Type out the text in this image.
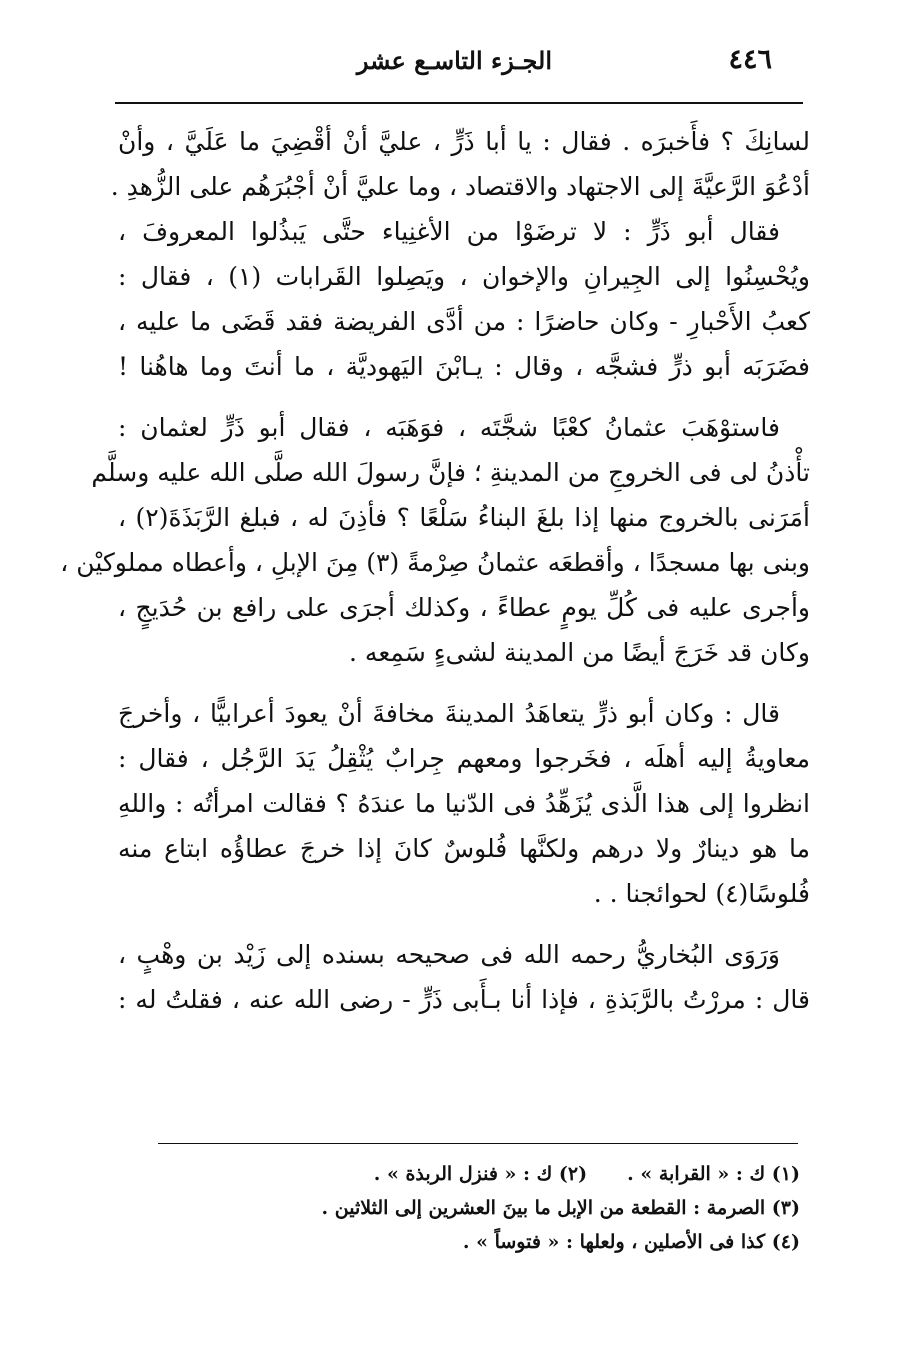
٤٤٦
الجـزء التاسـع عشر
لسانِكَ ؟ فأَخبرَه . فقال : يا أبا ذَرٍّ ، عليَّ أنْ أقْضِيَ ما عَلَيَّ ، وأنْ
أدْعُوَ الرَّعيَّةَ إلى الاجتهاد والاقتصاد ، وما عليَّ أنْ أجْبُرَهُم على الزُّهدِ .
فقال أبو ذَرٍّ : لا ترضَوْا من الأغنِياء حتَّى يَبذُلوا المعروفَ ،
ويُحْسِنُوا إلى الجِيرانِ والإخوان ، ويَصِلوا القَرابات (١) ، فقال :
كعبُ الأَحْبارِ - وكان حاضرًا : من أدَّى الفريضة فقد قَضَى ما عليه ،
فضَرَبَه أبو ذرٍّ فشجَّه ، وقال : يـابْنَ اليَهوديَّة ، ما أنتَ وما هاهُنا !
فاستوْهَبَ عثمانُ كعْبًا شجَّتَه ، فوَهَبَه ، فقال أبو ذَرٍّ لعثمان :
تأْذنُ لى فى الخروجِ من المدينةِ ؛ فإنَّ رسولَ الله صلَّى الله عليه وسلَّم
أمَرَنى بالخروج منها إذا بلغَ البناءُ سَلْعًا ؟ فأذِنَ له ، فبلغ الرَّبَذَةَ(٢) ،
وبنى بها مسجدًا ، وأقطعَه عثمانُ صِرْمةً (٣) مِنَ الإبلِ ، وأعطاه مملوكيْن ،
وأجرى عليه فى كُلِّ يومٍ عطاءً ، وكذلك أجرَى على رافع بن حُدَيجٍ ،
وكان قد خَرَجَ أيضًا من المدينة لشىءٍ سَمِعه .
قال : وكان أبو ذرٍّ يتعاهَدُ المدينةَ مخافةَ أنْ يعودَ أعرابيًّا ، وأخرجَ
معاويةُ إليه أهلَه ، فخَرجوا ومعهم جِرابٌ يُثْقِلُ يَدَ الرَّجُل ، فقال :
انظروا إلى هذا الَّذى يُزَهِّدُ فى الدّنيا ما عندَهُ ؟ فقالت امرأتُه : واللهِ
ما هو دينارٌ ولا درهم ولكنَّها فُلوسٌ كانَ إذا خرجَ عطاؤُه ابتاع منه
فُلوسًا(٤) لحوائجنا . .
وَرَوَى البُخاريُّ رحمه الله فى صحيحه بسنده إلى زَيْد بن وهْبٍ ،
قال : مررْتُ بالرَّبَذةِ ، فإذا أنا بـأَبى ذَرٍّ - رضى الله عنه ، فقلتُ له :
(١) ك : « القرابة » .(٢) ك : « فنزل الربذة » .
(٣) الصرمة : القطعة من الإبل ما بينَ العشرين إلى الثلاثين .
(٤) كذا فى الأصلين ، ولعلها : « فتوساً » .
